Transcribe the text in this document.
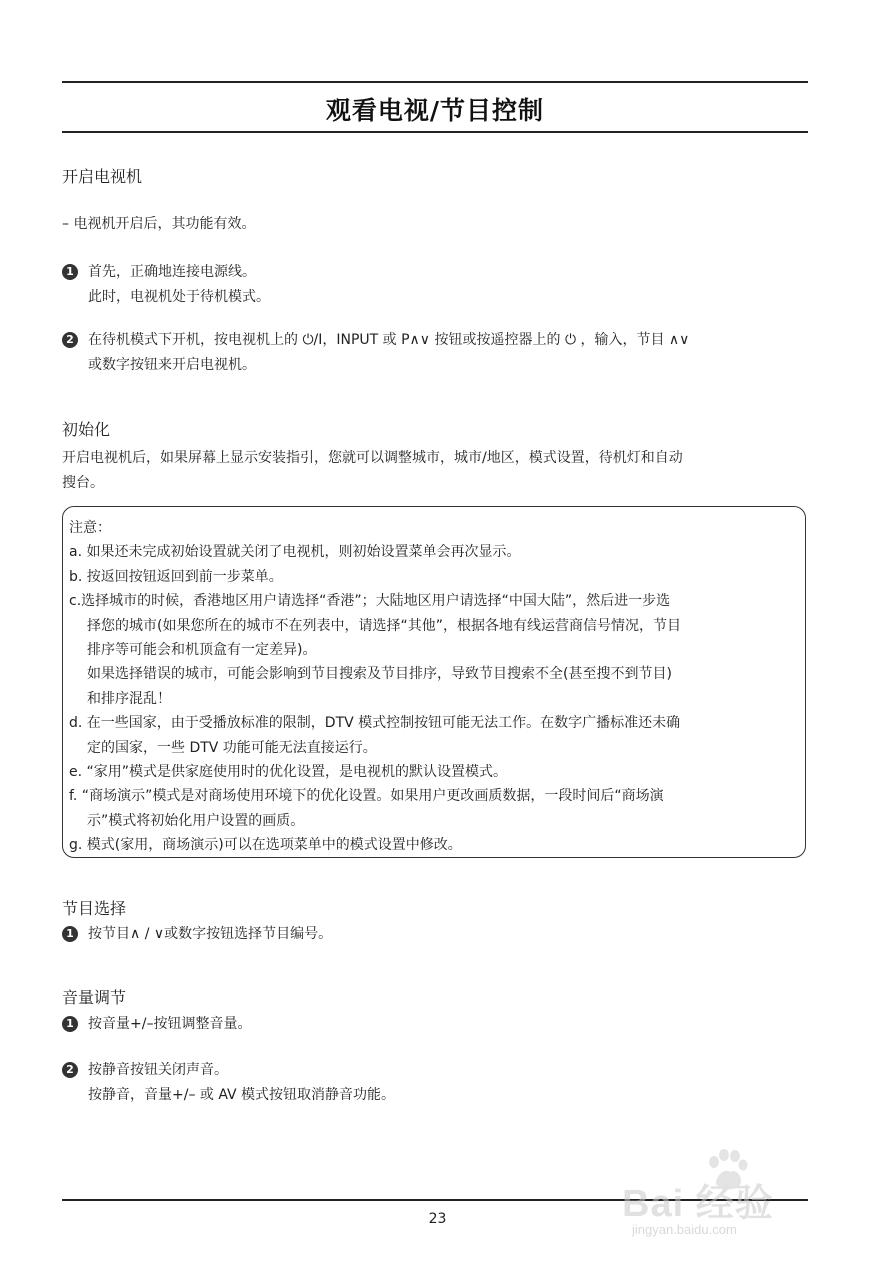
观看电视/节目控制
开启电视机
– 电视机开启后，其功能有效。
1 首先，正确地连接电源线。
此时，电视机处于待机模式。
2 在待机模式下开机，按电视机上的 ⏻/I，INPUT 或 P∧∨ 按钮或按遥控器上的 ⏻ ，输入，节目 ∧∨
或数字按钮来开启电视机。
初始化
开启电视机后，如果屏幕上显示安装指引，您就可以调整城市，城市/地区，模式设置，待机灯和自动
搜台。
注意：
a. 如果还未完成初始设置就关闭了电视机，则初始设置菜单会再次显示。
b. 按返回按钮返回到前一步菜单。
c.选择城市的时候，香港地区用户请选择“香港”；大陆地区用户请选择“中国大陆”，然后进一步选
择您的城市(如果您所在的城市不在列表中，请选择“其他”，根据各地有线运营商信号情况，节目
排序等可能会和机顶盒有一定差异)。
如果选择错误的城市，可能会影响到节目搜索及节目排序，导致节目搜索不全(甚至搜不到节目)
和排序混乱！
d. 在一些国家，由于受播放标准的限制，DTV 模式控制按钮可能无法工作。在数字广播标准还未确
定的国家，一些 DTV 功能可能无法直接运行。
e. “家用”模式是供家庭使用时的优化设置，是电视机的默认设置模式。
f. “商场演示”模式是对商场使用环境下的优化设置。如果用户更改画质数据，一段时间后“商场演
示”模式将初始化用户设置的画质。
g. 模式(家用，商场演示)可以在选项菜单中的模式设置中修改。
节目选择
1 按节目∧ / ∨或数字按钮选择节目编号。
音量调节
1 按音量+/–按钮调整音量。
2 按静音按钮关闭声音。
按静音，音量+/– 或 AV 模式按钮取消静音功能。
23	Bai 经验
jingyan.baidu.com
